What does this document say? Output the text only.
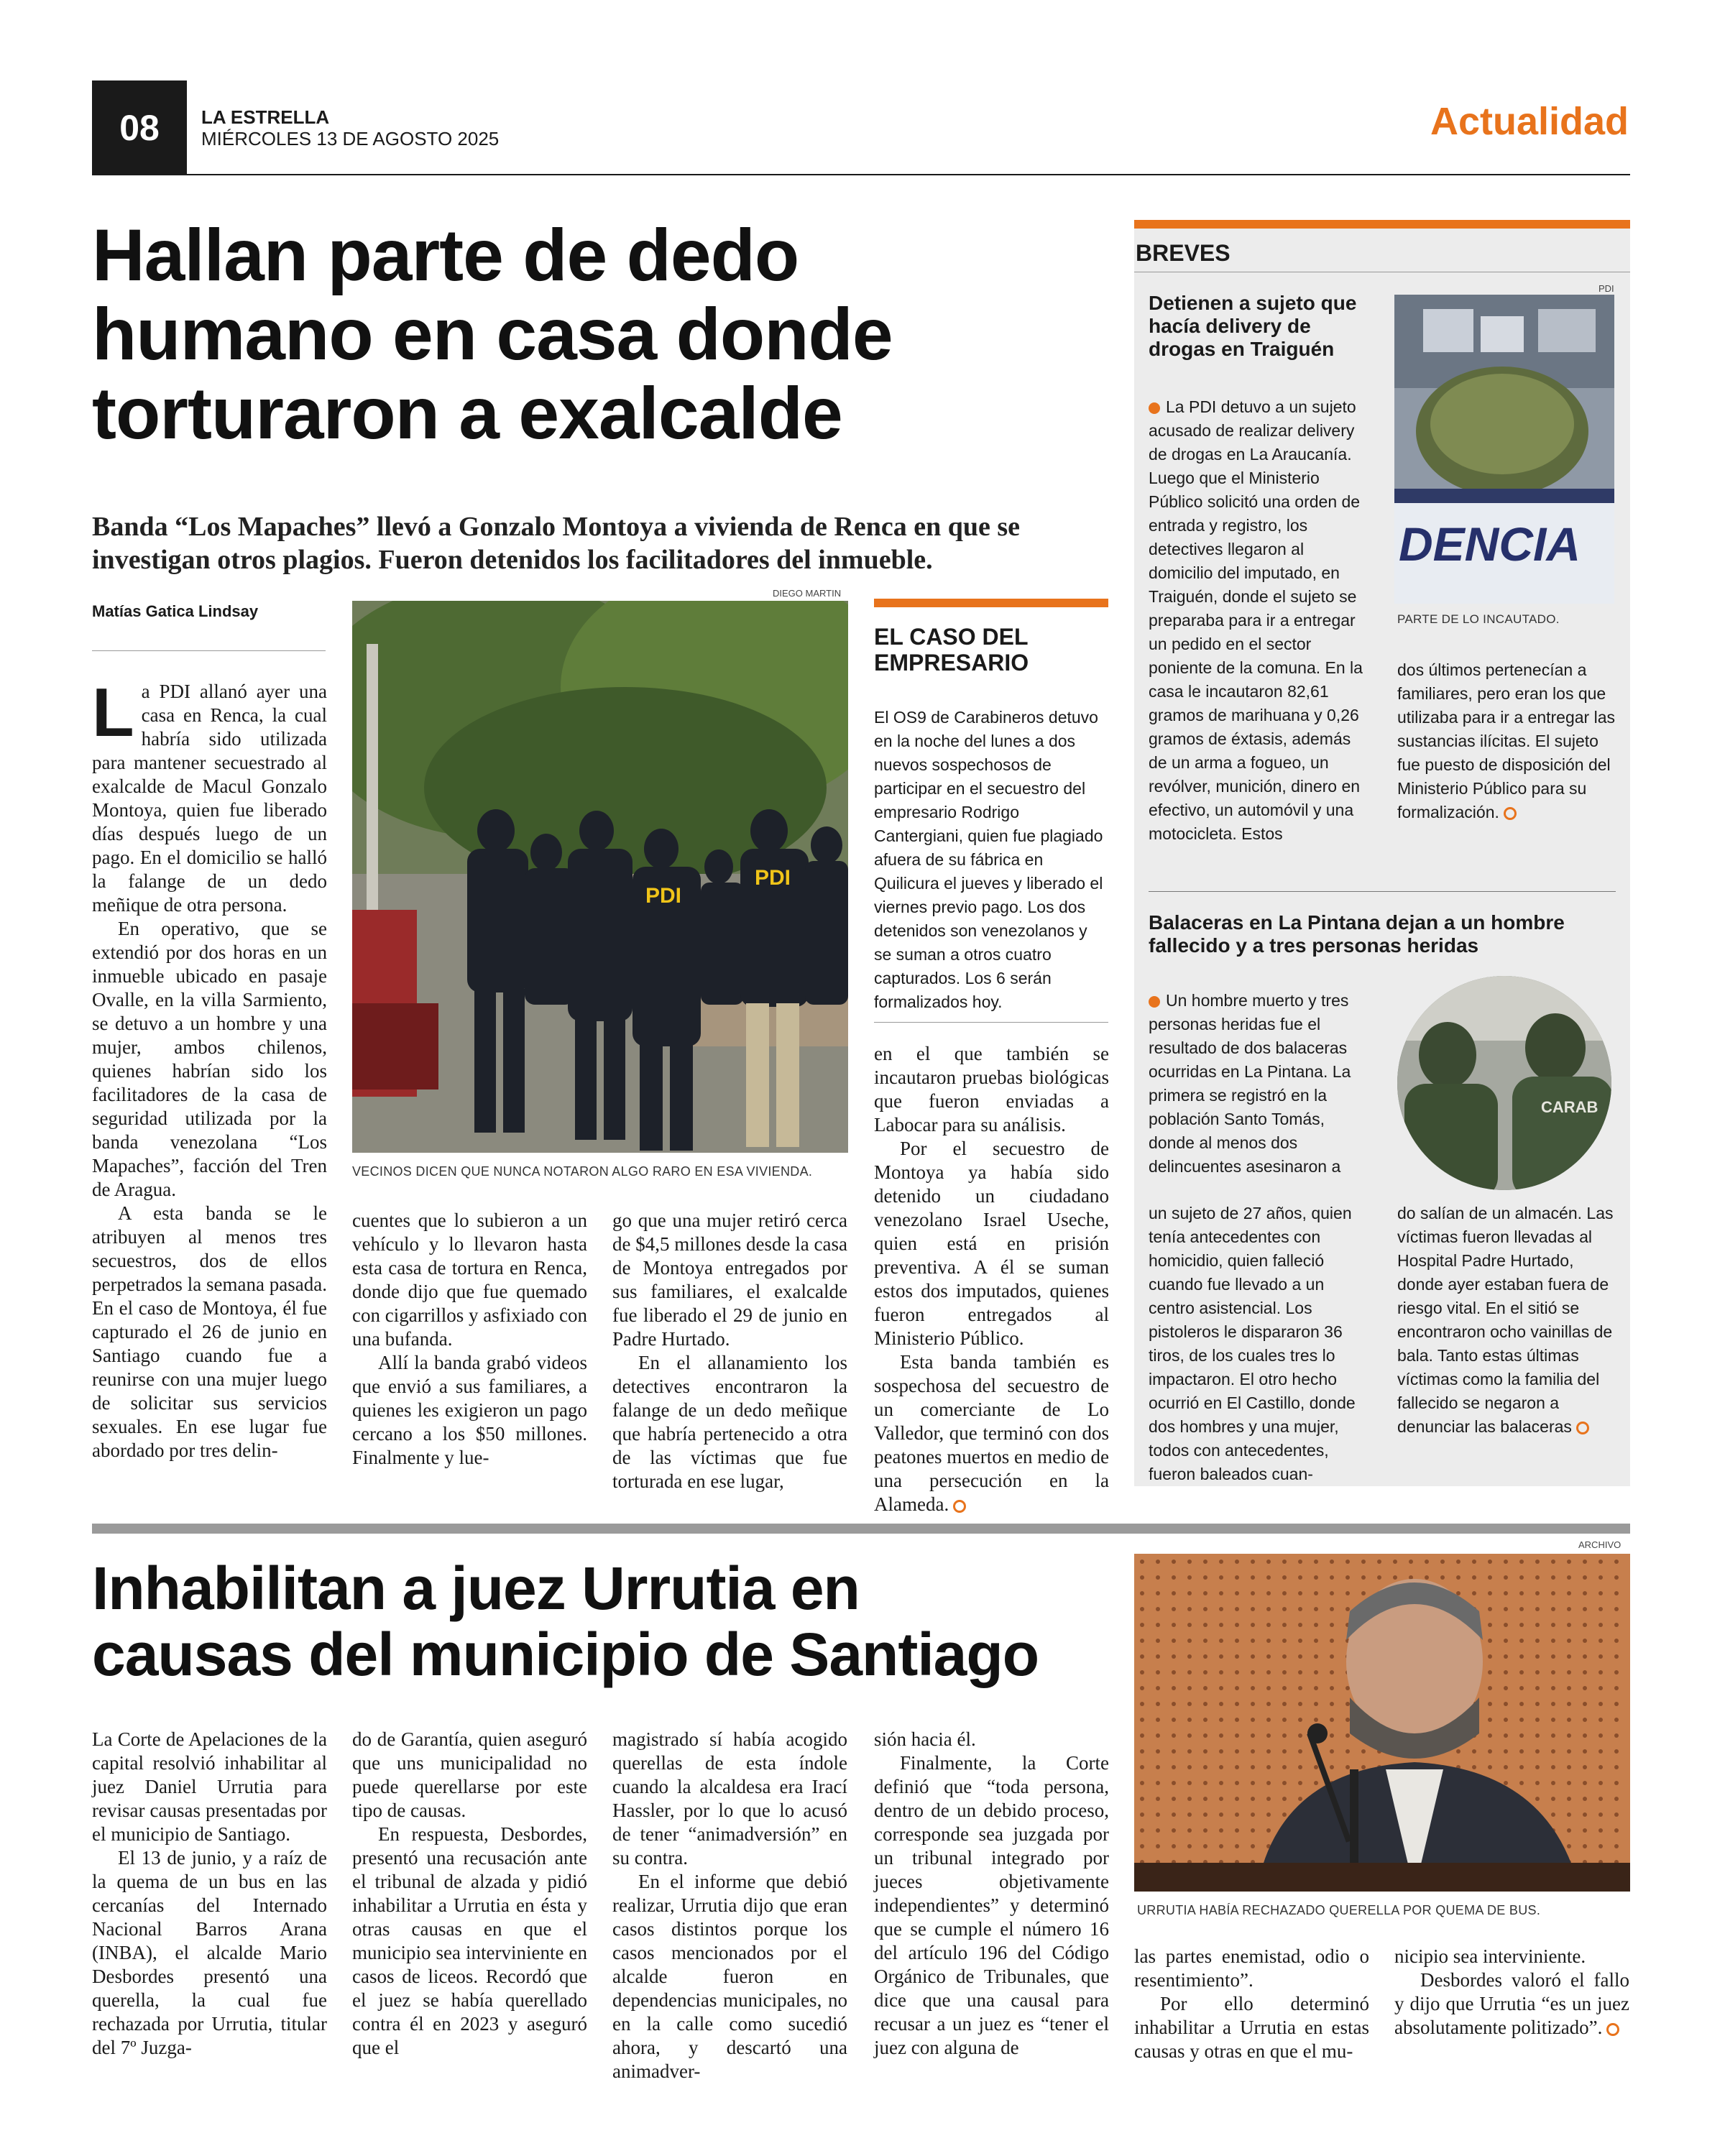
08	LA ESTRELLA
MIÉRCOLES 13 DE AGOSTO 2025	Actualidad
Hallan parte de dedo
humano en casa donde
torturaron a exalcalde
Banda “Los Mapaches” llevó a Gonzalo Montoya a vivienda de Renca en que se investigan otros plagios. Fueron detenidos los facilitadores del inmueble.
Matías Gatica Lindsay
DIEGO MARTIN
PDI
PDI
VECINOS DICEN QUE NUNCA NOTARON ALGO RARO EN ESA VIVIENDA.

La PDI allanó ayer una casa en Renca, la cual habría sido utilizada para mantener secuestrado al exalcalde de Macul Gonzalo Montoya, quien fue liberado días después luego de un pago. En el domicilio se halló la falange de un dedo meñique de otra persona.

En operativo, que se extendió por dos horas en un inmueble ubicado en pasaje Ovalle, en la villa Sarmiento, se detuvo a un hombre y una mujer, ambos chilenos, quienes habrían sido los facilitadores de la casa de seguridad utilizada por la banda venezolana “Los Mapaches”, facción del Tren de Aragua.

A esta banda se le atribuyen al menos tres secuestros, dos de ellos perpetrados la semana pasada. En el caso de Montoya, él fue capturado el 26 de junio en Santiago cuando fue a reunirse con una mujer luego de solicitar sus servicios sexuales. En ese lugar fue abordado por tres delin-

cuentes que lo subieron a un vehículo y lo llevaron hasta esta casa de tortura en Renca, donde dijo que fue quemado con cigarrillos y asfixiado con una bufanda.

Allí la banda grabó videos que envió a sus familiares, a quienes les exigieron un pago cercano a los $50 millones. Finalmente y lue-

go que una mujer retiró cerca de $4,5 millones desde la casa de Montoya entregados por sus familiares, el exalcalde fue liberado el 29 de junio en Padre Hurtado.

En el allanamiento los detectives encontraron la falange de un dedo meñique que habría pertenecido a otra de las víctimas que fue torturada en ese lugar,

EL CASO DEL
EMPRESARIO
El OS9 de Carabineros detuvo en la noche del lunes a dos nuevos sospechosos de participar en el secuestro del empresario Rodrigo Cantergiani, quien fue plagiado afuera de su fábrica en Quilicura el jueves y liberado el viernes previo pago. Los dos detenidos son venezolanos y se suman a otros cuatro capturados. Los 6 serán formalizados hoy.

en el que también se incautaron pruebas biológicas que fueron enviadas a Labocar para su análisis.

Por el secuestro de Montoya ya había sido detenido un ciudadano venezolano Israel Useche, quien está en prisión preventiva. A él se suman estos dos imputados, quienes fueron entregados al Ministerio Público.

Esta banda también es sospechosa del secuestro de un comerciante de Lo Valledor, que terminó con dos peatones muertos en medio de una persecución en la Alameda.

BREVES
Detienen a sujeto que
hacía delivery de
drogas en Traiguén
PDI
DENCIA
PARTE DE LO INCAUTADO.

La PDI detuvo a un sujeto acusado de realizar delivery de drogas en La Araucanía. Luego que el Ministerio Público solicitó una orden de entrada y registro, los detectives llegaron al domicilio del imputado, en Traiguén, donde el sujeto se preparaba para ir a entregar un pedido en el sector poniente de la comuna. En la casa le incautaron 82,61 gramos de marihuana y 0,26 gramos de éxtasis, además de un arma a fogueo, un revólver, munición, dinero en efectivo, un automóvil y una motocicleta. Estos

dos últimos pertenecían a familiares, pero eran los que utilizaba para ir a entregar las sustancias ilícitas. El sujeto fue puesto de disposición del Ministerio Público para su formalización.

Balaceras en La Pintana dejan a un hombre
fallecido y a tres personas heridas
CARAB

Un hombre muerto y tres personas heridas fue el resultado de dos balaceras ocurridas en La Pintana. La primera se registró en la población Santo Tomás, donde al menos dos delincuentes asesinaron a

un sujeto de 27 años, quien tenía antecedentes con homicidio, quien falleció cuando fue llevado a un centro asistencial. Los pistoleros le dispararon 36 tiros, de los cuales tres lo impactaron. El otro hecho ocurrió en El Castillo, donde dos hombres y una mujer, todos con antecedentes, fueron baleados cuan-

do salían de un almacén. Las víctimas fueron llevadas al Hospital Padre Hurtado, donde ayer estaban fuera de riesgo vital. En el sitió se encontraron ocho vainillas de bala. Tanto estas últimas víctimas como la familia del fallecido se negaron a denunciar las balaceras

Inhabilitan a juez Urrutia en
causas del municipio de Santiago
ARCHIVO
URRUTIA HABÍA RECHAZADO QUERELLA POR QUEMA DE BUS.

La Corte de Apelaciones de la capital resolvió inhabilitar al juez Daniel Urrutia para revisar causas presentadas por el municipio de Santiago.

El 13 de junio, y a raíz de la quema de un bus en las cercanías del Internado Nacional Barros Arana (INBA), el alcalde Mario Desbordes presentó una querella, la cual fue rechazada por Urrutia, titular del 7º Juzga-

do de Garantía, quien aseguró que uns municipalidad no puede querellarse por este tipo de causas.

En respuesta, Desbordes, presentó una recusación ante el tribunal de alzada y pidió inhabilitar a Urrutia en ésta y otras causas en que el municipio sea interviniente en casos de liceos. Recordó que el juez se había querellado contra él en 2023 y aseguró que el

magistrado sí había acogido querellas de esta índole cuando la alcaldesa era Irací Hassler, por lo que lo acusó de tener “animadversión” en su contra.

En el informe que debió realizar, Urrutia dijo que eran casos distintos porque los casos mencionados por el alcalde fueron en dependencias municipales, no en la calle como sucedió ahora, y descartó una animadver-

sión hacia él.

Finalmente, la Corte definió que “toda persona, dentro de un debido proceso, corresponde sea juzgada por un tribunal integrado por jueces objetivamente independientes” y determinó que se cumple el número 16 del artículo 196 del Código Orgánico de Tribunales, que dice que una causal para recusar a un juez es “tener el juez con alguna de

las partes enemistad, odio o resentimiento”.

Por ello determinó inhabilitar a Urrutia en estas causas y otras en que el mu-

nicipio sea interviniente.

Desbordes valoró el fallo y dijo que Urrutia “es un juez absolutamente politizado”.
